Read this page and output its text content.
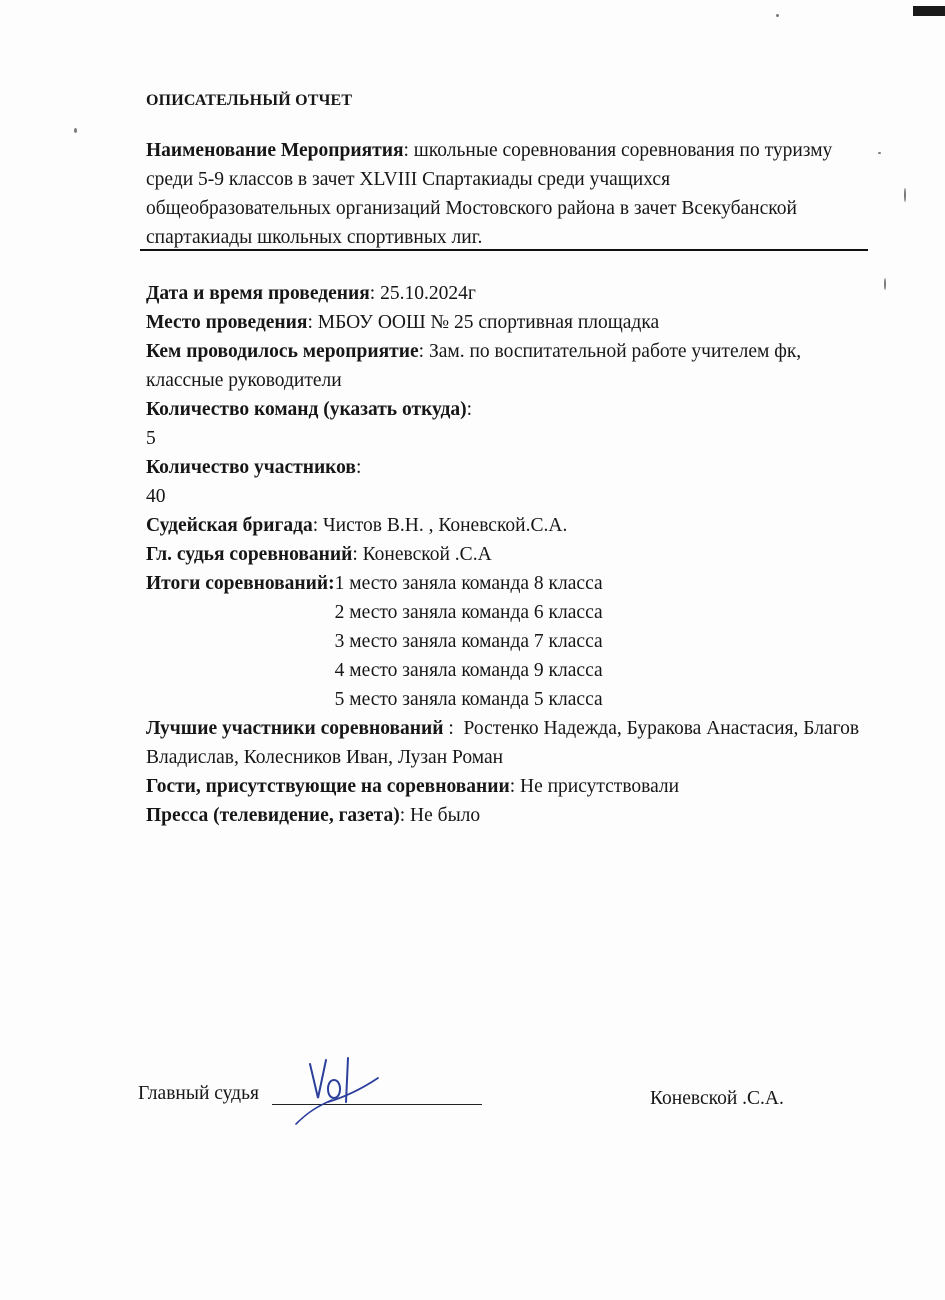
ОПИСАТЕЛЬНЫЙ ОТЧЕТ
Наименование Мероприятия: школьные соревнования соревнования по туризму среди 5-9 классов в зачет XLVIII Спартакиады среди учащихся общеобразовательных организаций Мостовского района в зачет Всекубанской спартакиады школьных спортивных лиг.
Дата и время проведения: 25.10.2024г
Место проведения: МБОУ ООШ № 25 спортивная площадка
Кем проводилось мероприятие: Зам. по воспитательной работе учителем фк, классные руководители
Количество команд (указать откуда):
5
Количество участников:
40
Судейская бригада: Чистов В.Н. , Коневской.С.А.
Гл. судья соревнований: Коневской .С.А
Итоги соревнований : 1 место заняла команда 8 класса
2 место заняла команда 6 класса
3 место заняла команда 7 класса
4 место заняла команда 9 класса
5 место заняла команда 5 класса
Лучшие участники соревнований :  Ростенко Надежда, Буракова Анастасия, Благов Владислав, Колесников Иван, Лузан Роман
Гости, присутствующие на соревновании: Не присутствовали
Пресса (телевидение, газета): Не было
Главный судья	Коневской .С.А.
